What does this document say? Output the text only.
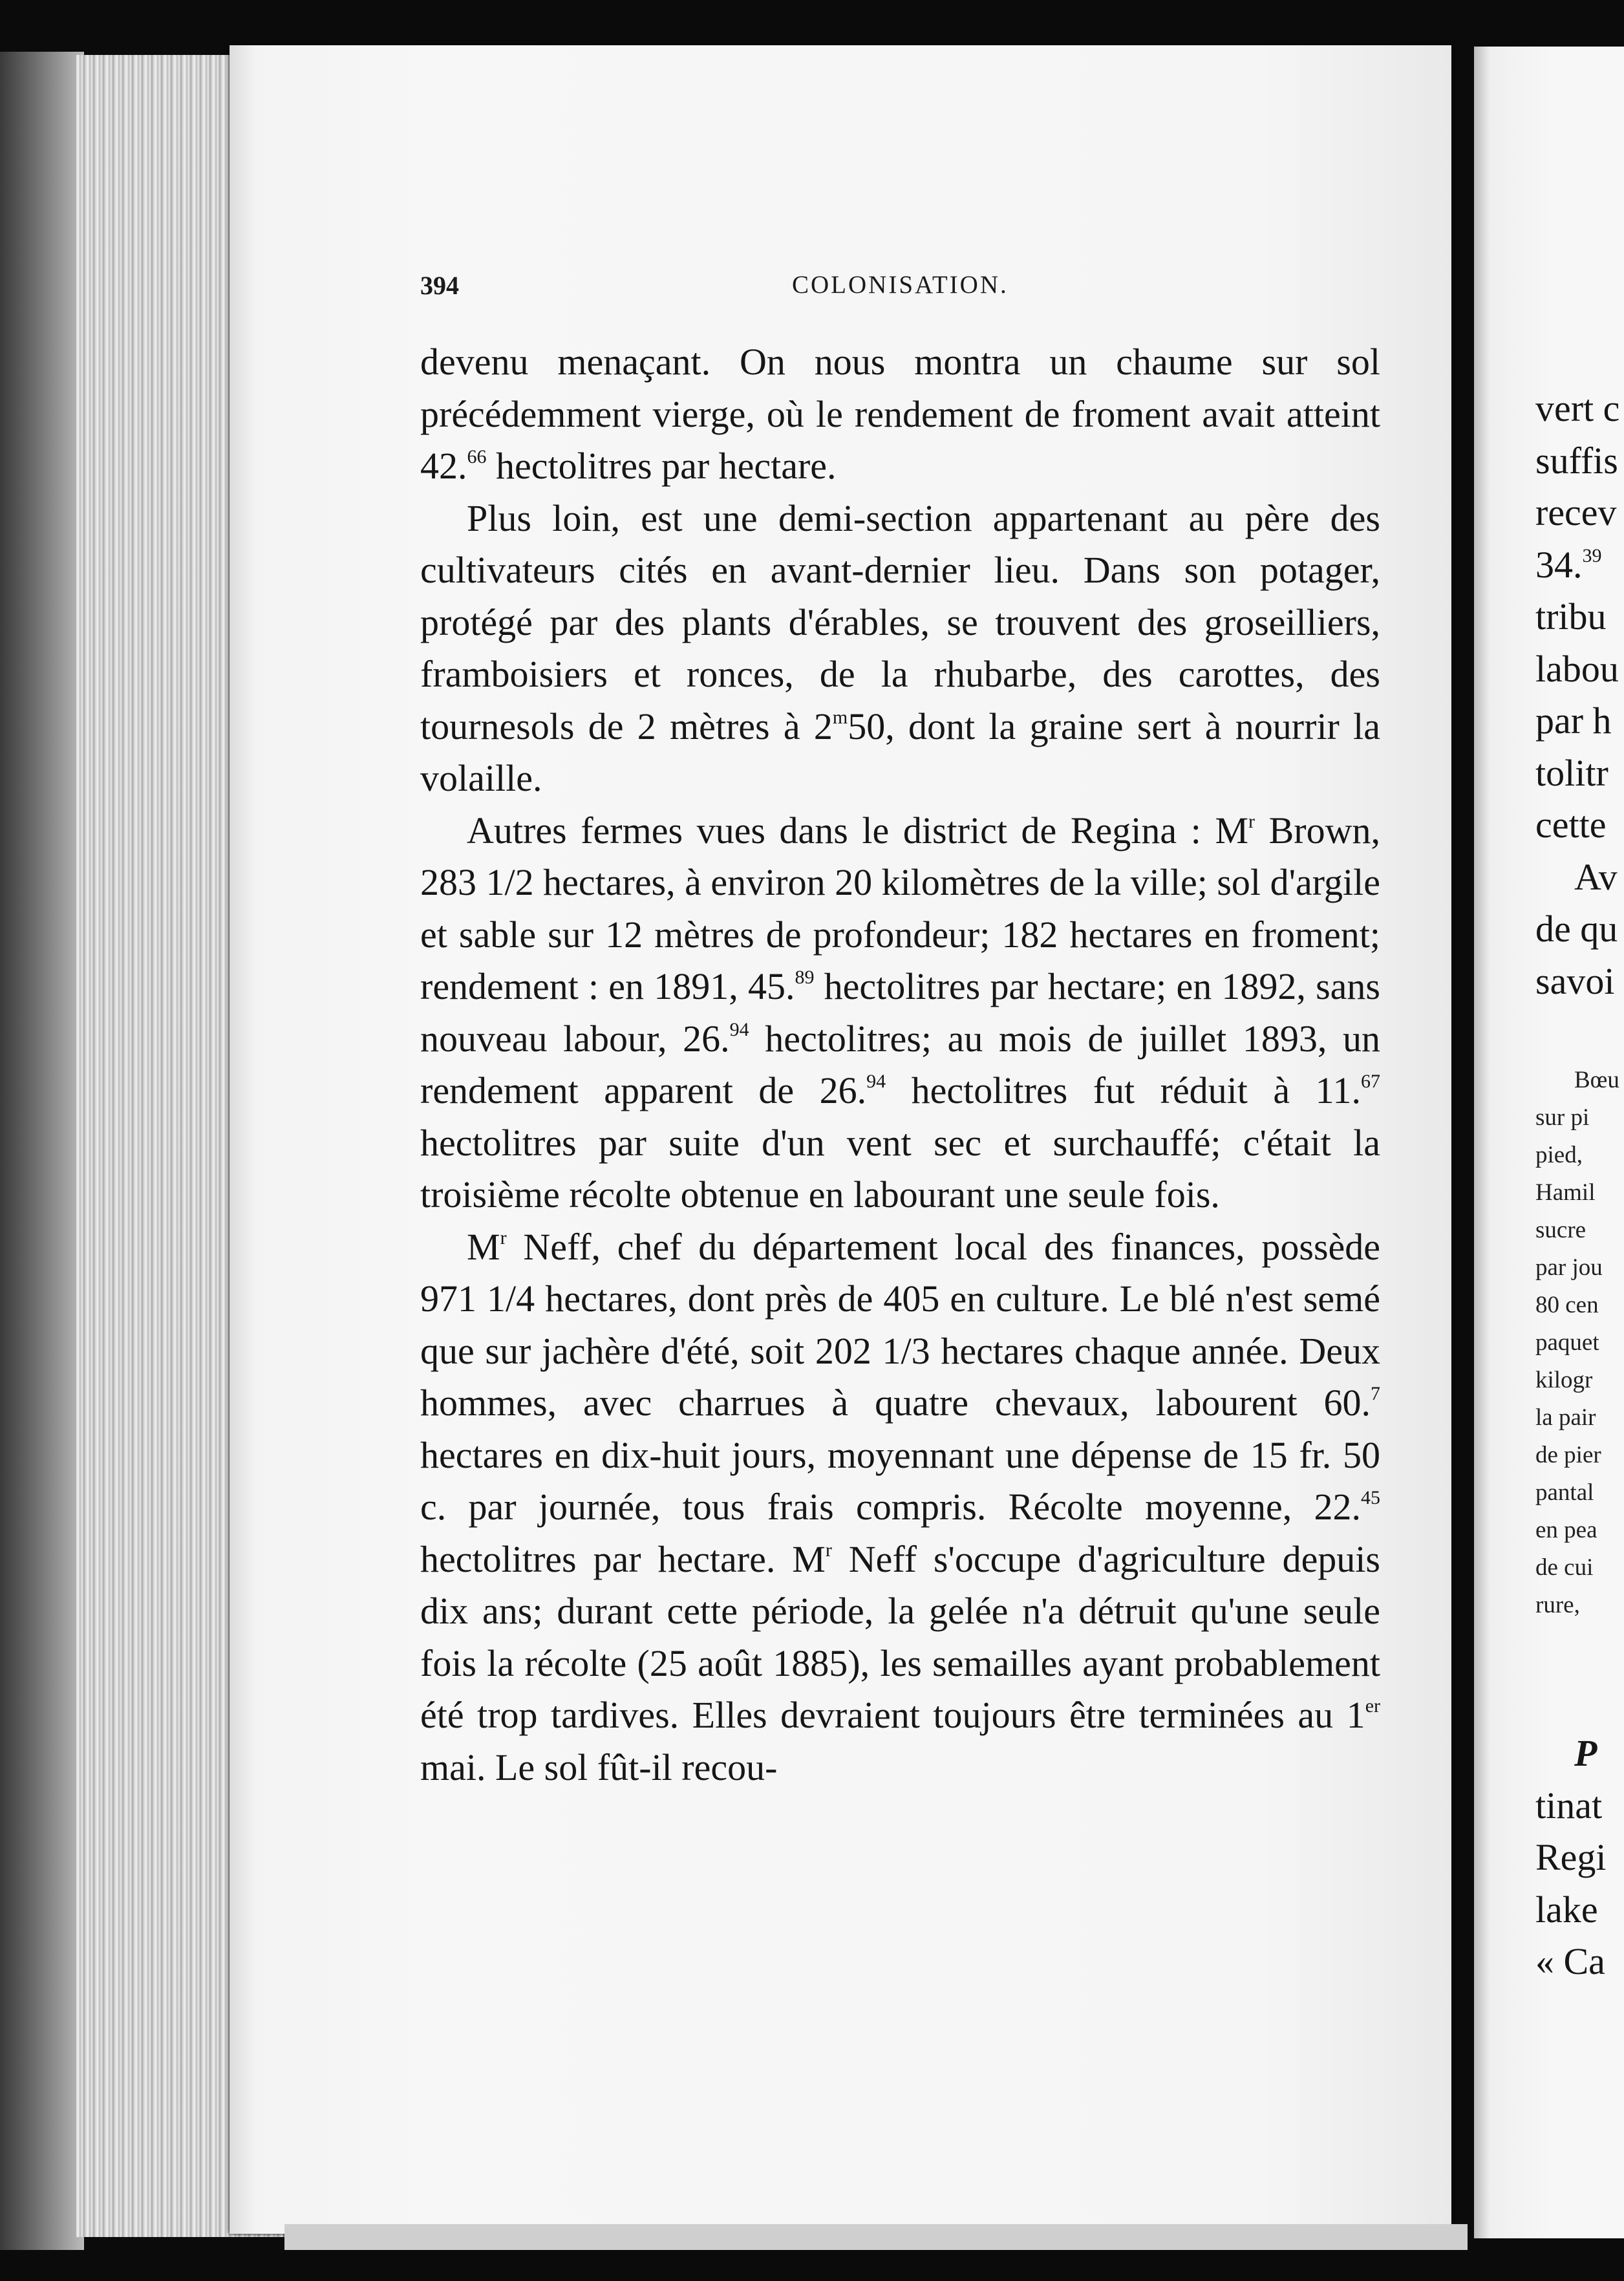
394	COLONISATION.

devenu menaçant. On nous montra un chaume sur sol précédemment vierge, où le rendement de froment avait atteint 42.66 hectolitres par hectare.

Plus loin, est une demi-section appartenant au père des cultivateurs cités en avant-dernier lieu. Dans son potager, protégé par des plants d'érables, se trouvent des groseilliers, framboisiers et ronces, de la rhubarbe, des carottes, des tournesols de 2 mètres à 2$^m$50, dont la graine sert à nourrir la volaille.

Autres fermes vues dans le district de Regina : $M^r$ Brown, 283 1/2 hectares, à environ 20 kilomètres de la ville; sol d'argile et sable sur 12 mètres de profondeur; 182 hectares en froment; rendement : en 1891, 45.89 hectolitres par hectare; en 1892, sans nouveau labour, 26.94 hectolitres; au mois de juillet 1893, un rendement apparent de 26.94 hectolitres fut réduit à 11.67 hectolitres par suite d'un vent sec et surchauffé; c'était la troisième récolte obtenue en labourant une seule fois.

$M^r$ Neff, chef du département local des finances, possède 971 1/4 hectares, dont près de 405 en culture. Le blé n'est semé que sur jachère d'été, soit 202 1/3 hectares chaque année. Deux hommes, avec charrues à quatre chevaux, labourent 60.$^7$ hectares en dix-huit jours, moyennant une dépense de 15 fr. 50 c. par journée, tous frais compris. Récolte moyenne, 22.45 hectolitres par hectare. $M^r$ Neff s'occupe d'agriculture depuis dix ans; durant cette période, la gelée n'a détruit qu'une seule fois la récolte (25 août 1885), les semailles ayant probablement été trop tardives. Elles devraient toujours être terminées au 1er mai. Le sol fût-il recou-

vert c
suffis
recev
34.39
tribu
labou
par h
tolitr
cette
Av
de qu
savoi
Bœu
sur pi
pied,
Hamil
sucre
par jou
80 cen
paquet
kilogr
la pair
de pier
pantal
en pea
de cui
rure,
P
tinat
Regi
lake
« Ca
